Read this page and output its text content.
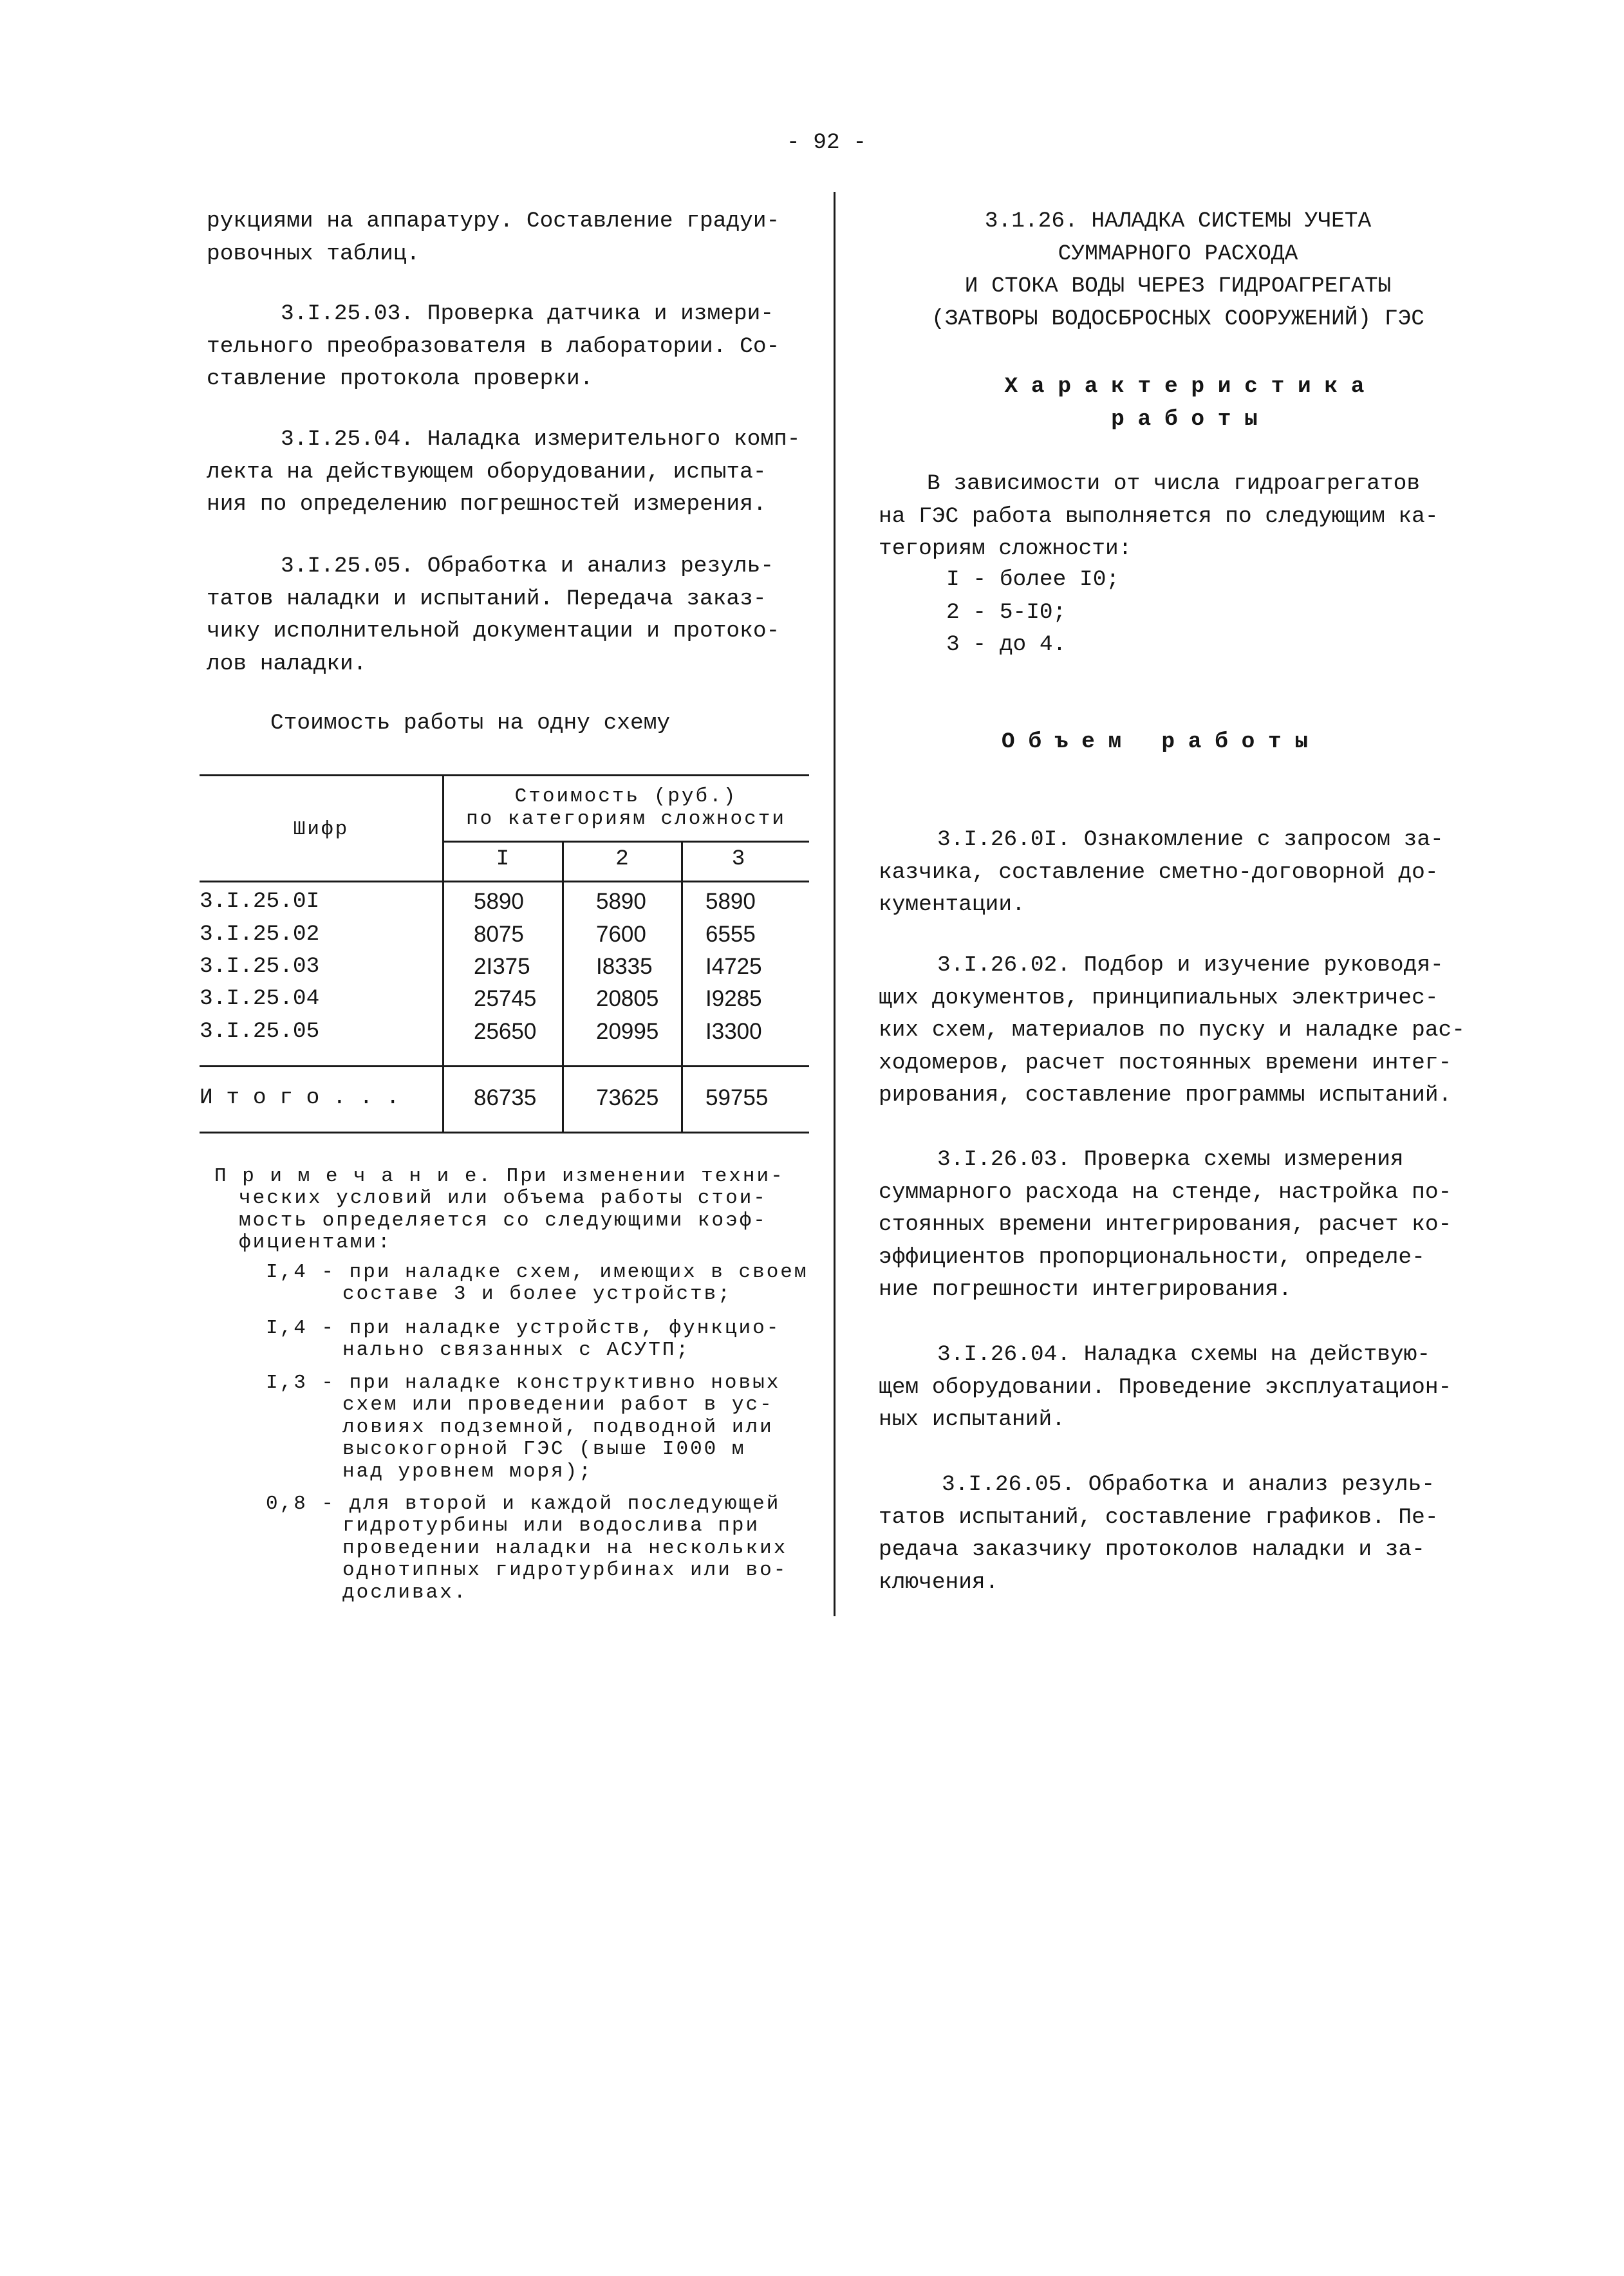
- 92 -
рукциями на аппаратуру. Составление градуи-
ровочных таблиц.
3.I.25.03. Проверка датчика и измери-
тельного преобразователя в лаборатории. Со-
ставление протокола проверки.
3.I.25.04. Наладка измерительного комп-
лекта на действующем оборудовании, испыта-
ния по определению погрешностей измерения.
3.I.25.05. Обработка и анализ резуль-
татов наладки и испытаний. Передача заказ-
чику исполнительной документации и протоко-
лов наладки.
Стоимость работы на одну схему
Шифр
Стоимость (руб.)
по категориям сложности
I	2	3
3.I.25.0I	5890	5890	5890
3.I.25.02	8075	7600	6555
3.I.25.03	2I375	I8335 I4725
3.I.25.04	25745	20805 I9285
3.I.25.05	25650	20995 I3300
И т о г о . . .	86735	73625 59755
П р и м е ч а н и е. При изменении техни-
ческих условий или объема работы стои-
мость определяется со следующими коэф-
фициентами:
I,4 - при наладке схем, имеющих в своем
составе 3 и более устройств;
I,4 - при наладке устройств, функцио-
нально связанных с АСУТП;
I,3 - при наладке конструктивно новых
схем или проведении работ в ус-
ловиях подземной, подводной или
высокогорной ГЭС (выше I000 м
над уровнем моря);
0,8 - для второй и каждой последующей
гидротурбины или водослива при
проведении наладки на нескольких
однотипных гидротурбинах или во-
досливах.
3.1.26. НАЛАДКА СИСТЕМЫ УЧЕТА
СУММАРНОГО РАСХОДА
И СТОКА ВОДЫ ЧЕРЕЗ ГИДРОАГРЕГАТЫ
(ЗАТВОРЫ ВОДОСБРОСНЫХ СООРУЖЕНИЙ) ГЭС
Х а р а к т е р и с т и к а
р а б о т ы
В зависимости от числа гидроагрегатов
на ГЭС работа выполняется по следующим ка-
тегориям сложности:
I - более I0;
2 - 5-I0;
3 - до 4.
О б ъ е м   р а б о т ы
3.I.26.0I. Ознакомление с запросом за-
казчика, составление сметно-договорной до-
кументации.
3.I.26.02. Подбор и изучение руководя-
щих документов, принципиальных электричес-
ких схем, материалов по пуску и наладке рас-
ходомеров, расчет постоянных времени интег-
рирования, составление программы испытаний.
3.I.26.03. Проверка схемы измерения
суммарного расхода на стенде, настройка по-
стоянных времени интегрирования, расчет ко-
эффициентов пропорциональности, определе-
ние погрешности интегрирования.
3.I.26.04. Наладка схемы на действую-
щем оборудовании. Проведение эксплуатацион-
ных испытаний.
3.I.26.05. Обработка и анализ резуль-
татов испытаний, составление графиков. Пе-
редача заказчику протоколов наладки и за-
ключения.
